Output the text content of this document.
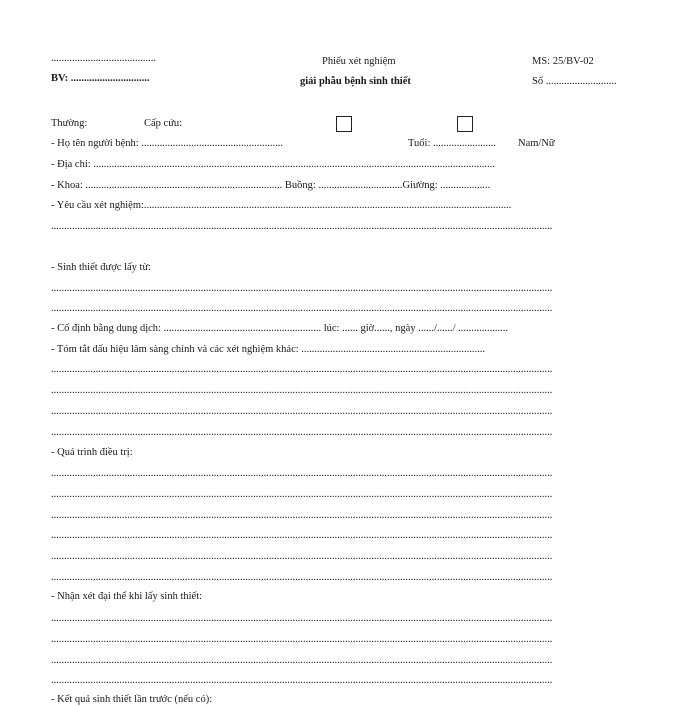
........................................
BV: ..............................
Phiếu xét nghiệm
giải phẫu bệnh sinh thiết
MS: 25/BV-02
Số ...........................
Thường:	Cấp cứu:
- Họ tên người bệnh: ......................................................	Tuổi: ........................ Nam/Nữ
- Địa chỉ: .........................................................................................................................................................
- Khoa: ........................................................................... Buồng: ................................Giường: ...................
- Yêu cầu xét nghiệm:............................................................................................................................................
...............................................................................................................................................................................................
- Sinh thiết được lấy từ:
...............................................................................................................................................................................................
...............................................................................................................................................................................................
- Cố định bằng dung dịch: ............................................................ lúc: ...... giờ......, ngày ....../....../ ...................
- Tóm tắt dấu hiệu lâm sàng chính và các xét nghiệm khác: ......................................................................
...............................................................................................................................................................................................
...............................................................................................................................................................................................
...............................................................................................................................................................................................
...............................................................................................................................................................................................
- Quá trình điều trị:
...............................................................................................................................................................................................
...............................................................................................................................................................................................
...............................................................................................................................................................................................
...............................................................................................................................................................................................
...............................................................................................................................................................................................
...............................................................................................................................................................................................
- Nhận xét đại thể khi lấy sinh thiết:
...............................................................................................................................................................................................
...............................................................................................................................................................................................
...............................................................................................................................................................................................
...............................................................................................................................................................................................
- Kết quả sinh thiết lần trước (nếu có):
